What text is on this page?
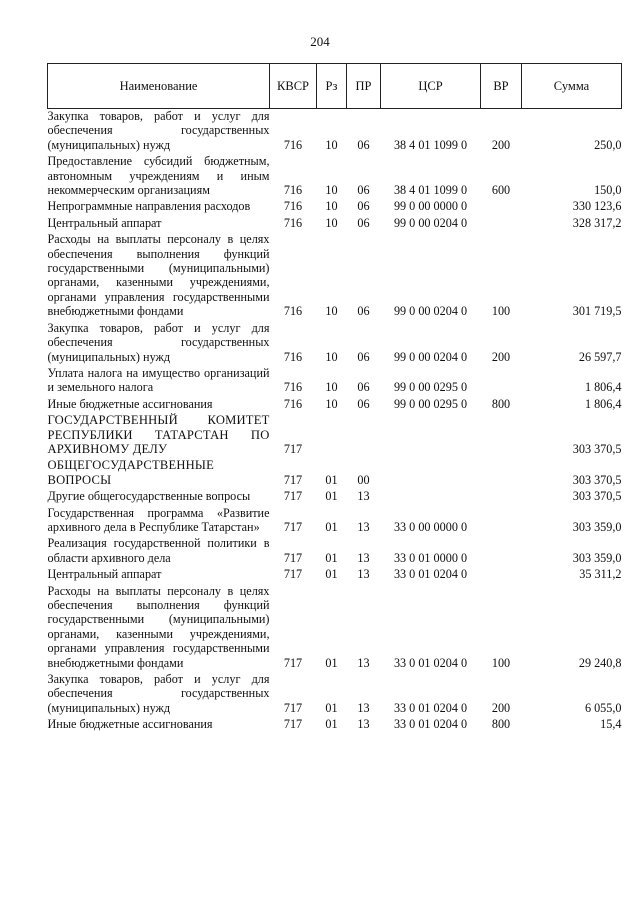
204
Наименование	КВСР	Рз	ПР	ЦСР	ВР	Сумма
Закупка товаров, работ и услуг для обеспечения государственных (муниципальных) нужд	716	10	06	38 4 01 1099 0	200	250,0
Предоставление субсидий бюджетным, автономным учреждениям и иным некоммерческим организациям	716	10	06	38 4 01 1099 0	600	150,0
Непрограммные направления расходов	716	10	06	99 0 00 0000 0		330 123,6
Центральный аппарат	716	10	06	99 0 00 0204 0		328 317,2
Расходы на выплаты персоналу в целях обеспечения выполнения функций государственными (муниципальными) органами, казенными учреждениями, органами управления государственными внебюджетными фондами	716	10	06	99 0 00 0204 0	100	301 719,5
Закупка товаров, работ и услуг для обеспечения государственных (муниципальных) нужд	716	10	06	99 0 00 0204 0	200	26 597,7
Уплата налога на имущество организаций и земельного налога	716	10	06	99 0 00 0295 0		1 806,4
Иные бюджетные ассигнования	716	10	06	99 0 00 0295 0	800	1 806,4
ГОСУДАРСТВЕННЫЙ КОМИТЕТ РЕСПУБЛИКИ ТАТАРСТАН ПО АРХИВНОМУ ДЕЛУ	717					303 370,5
ОБЩЕГОСУДАРСТВЕННЫЕ ВОПРОСЫ	717	01	00			303 370,5
Другие общегосударственные вопросы	717	01	13			303 370,5
Государственная программа «Развитие архивного дела в Республике Татарстан»	717	01	13	33 0 00 0000 0		303 359,0
Реализация государственной политики в области архивного дела	717	01	13	33 0 01 0000 0		303 359,0
Центральный аппарат	717	01	13	33 0 01 0204 0		35 311,2
Расходы на выплаты персоналу в целях обеспечения выполнения функций государственными (муниципальными) органами, казенными учреждениями, органами управления государственными внебюджетными фондами	717	01	13	33 0 01 0204 0	100	29 240,8
Закупка товаров, работ и услуг для обеспечения государственных (муниципальных) нужд	717	01	13	33 0 01 0204 0	200	6 055,0
Иные бюджетные ассигнования	717	01	13	33 0 01 0204 0	800	15,4
